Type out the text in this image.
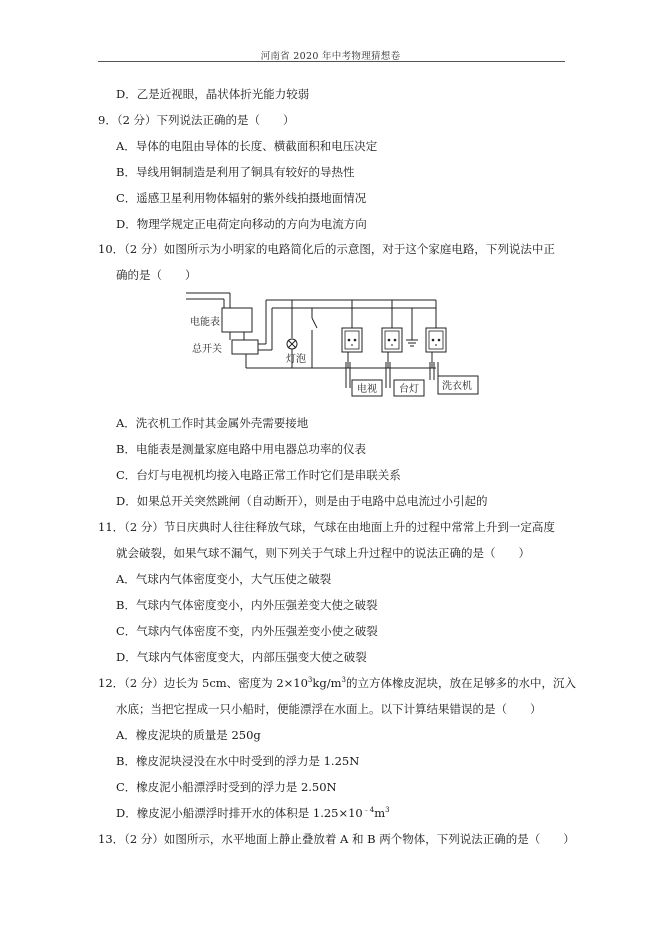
河南省 2020 年中考物理猜想卷
D．乙是近视眼，晶状体折光能力较弱
9．（2 分）下列说法正确的是（　　）
A．导体的电阻由导体的长度、横截面积和电压决定
B．导线用铜制造是利用了铜具有较好的导热性
C．遥感卫星利用物体辐射的紫外线拍摄地面情况
D．物理学规定正电荷定向移动的方向为电流方向
10．（2 分）如图所示为小明家的电路简化后的示意图，对于这个家庭电路，下列说法中正
确的是（　　）
电能表
总开关
灯泡
电视 台灯 洗衣机
A．洗衣机工作时其金属外壳需要接地
B．电能表是测量家庭电路中用电器总功率的仪表
C．台灯与电视机均接入电路正常工作时它们是串联关系
D．如果总开关突然跳闸（自动断开），则是由于电路中总电流过小引起的
11．（2 分）节日庆典时人往往释放气球，气球在由地面上升的过程中常常上升到一定高度
就会破裂，如果气球不漏气，则下列关于气球上升过程中的说法正确的是（　　）
A．气球内气体密度变小，大气压使之破裂
B．气球内气体密度变小，内外压强差变大使之破裂
C．气球内气体密度不变，内外压强差变小使之破裂
D．气球内气体密度变大，内部压强变大使之破裂
12．（2 分）边长为 5cm、密度为 $2\times 10^3kg/m^3$的立方体橡皮泥块，放在足够多的水中，沉入
水底；当把它捏成一只小船时，便能漂浮在水面上。以下计算结果错误的是（　　）
A．橡皮泥块的质量是 250g
B．橡皮泥块浸没在水中时受到的浮力是 1.25N
C．橡皮泥小船漂浮时受到的浮力是 2.50N
D．橡皮泥小船漂浮时排开水的体积是 $1.25\times 10^{﹣4}m^3$
13．（2 分）如图所示，水平地面上静止叠放着 A 和 B 两个物体，下列说法正确的是（　　）
